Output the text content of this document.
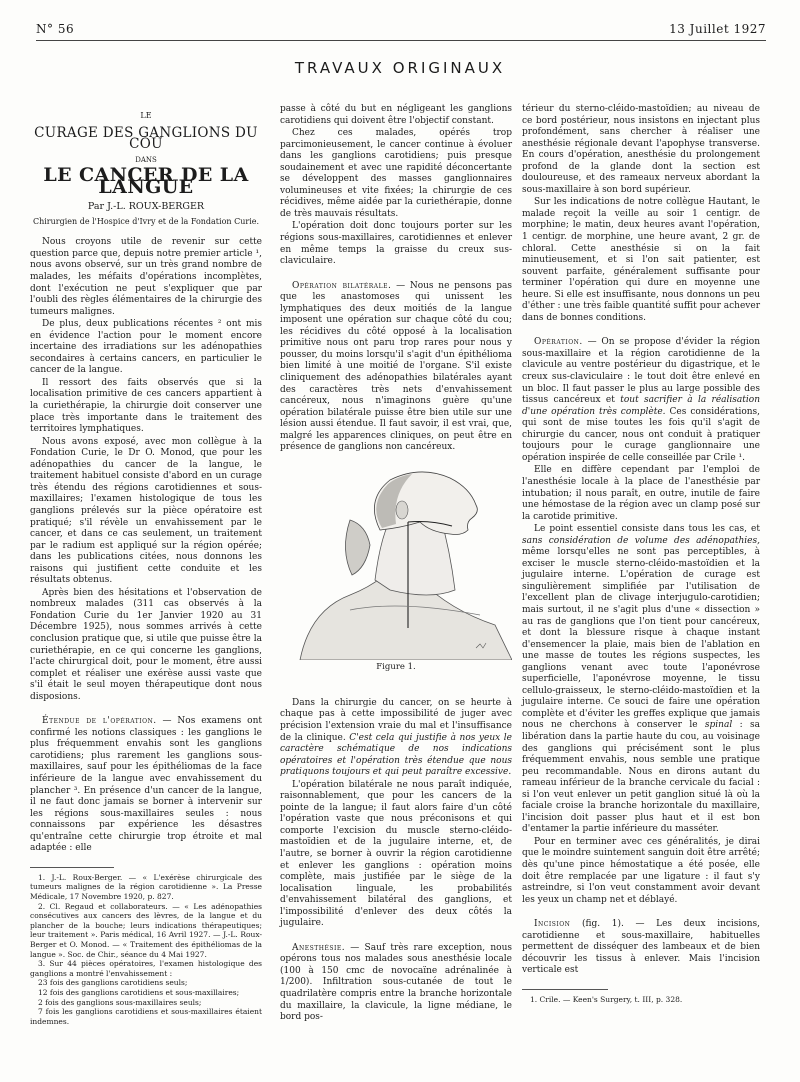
N° 56	13 Juillet 1927
TRAVAUX ORIGINAUX
LE
CURAGE DES GANGLIONS DU COU
DANS
LE CANCER DE LA LANGUE
Par J.-L. ROUX-BERGER
Chirurgien de l'Hospice d'Ivry et de la Fondation Curie.

Nous croyons utile de revenir sur cette question parce que, depuis notre premier article ¹, nous avons observé, sur un très grand nombre de malades, les méfaits d'opérations incomplètes, dont l'exécution ne peut s'expliquer que par l'oubli des règles élémentaires de la chirurgie des tumeurs malignes.

De plus, deux publications récentes ² ont mis en évidence l'action pour le moment encore incertaine des irradiations sur les adénopathies secondaires à certains cancers, en particulier le cancer de la langue.

Il ressort des faits observés que si la localisation primitive de ces cancers appartient à la curiethérapie, la chirurgie doit conserver une place très importante dans le traitement des territoires lymphatiques.

Nous avons exposé, avec mon collègue à la Fondation Curie, le Dr O. Monod, que pour les adénopathies du cancer de la langue, le traitement habituel consiste d'abord en un curage très étendu des régions carotidiennes et sous-maxillaires; l'examen histologique de tous les ganglions prélevés sur la pièce opératoire est pratiqué; s'il révèle un envahissement par le cancer, et dans ce cas seulement, un traitement par le radium est appliqué sur la région opérée; dans les publications citées, nous donnons les raisons qui justifient cette conduite et les résultats obtenus.

Après bien des hésitations et l'observation de nombreux malades (311 cas observés à la Fondation Curie du 1er Janvier 1920 au 31 Décembre 1925), nous sommes arrivés à cette conclusion pratique que, si utile que puisse être la curiethérapie, en ce qui concerne les ganglions, l'acte chirurgical doit, pour le moment, être aussi complet et réaliser une exérèse aussi vaste que s'il était le seul moyen thérapeutique dont nous disposions.

Étendue de l'opération. — Nos examens ont confirmé les notions classiques : les ganglions le plus fréquemment envahis sont les ganglions carotidiens; plus rarement les ganglions sous-maxillaires, sauf pour les épithéliomas de la face inférieure de la langue avec envahissement du plancher ³. En présence d'un cancer de la langue, il ne faut donc jamais se borner à intervenir sur les régions sous-maxillaires seules : nous connaissons par expérience les désastres qu'entraîne cette chirurgie trop étroite et mal adaptée : elle

1. J.-L. Roux-Berger. — « L'exérèse chirurgicale des tumeurs malignes de la région carotidienne ». La Presse Médicale, 17 Novembre 1920, p. 827.

2. Cl. Regaud et collaborateurs. — « Les adénopathies consécutives aux cancers des lèvres, de la langue et du plancher de la bouche; leurs indications thérapeutiques; leur traitement ». Paris médical, 16 Avril 1927. — J.-L. Roux-Berger et O. Monod. — « Traitement des épithéliomas de la langue ». Soc. de Chir., séance du 4 Mai 1927.

3. Sur 44 pièces opératoires, l'examen histologique des ganglions a montré l'envahissement :

23 fois des ganglions carotidiens seuls;

12 fois des ganglions carotidiens et sous-maxillaires;

2 fois des ganglions sous-maxillaires seuls;

7 fois les ganglions carotidiens et sous-maxillaires étaient indemnes.

passe à côté du but en négligeant les ganglions carotidiens qui doivent être l'objectif constant.

Chez ces malades, opérés trop parcimonieusement, le cancer continue à évoluer dans les ganglions carotidiens; puis presque soudainement et avec une rapidité déconcertante se développent des masses ganglionnaires volumineuses et vite fixées; la chirurgie de ces récidives, même aidée par la curiethérapie, donne de très mauvais résultats.

L'opération doit donc toujours porter sur les régions sous-maxillaires, carotidiennes et enlever en même temps la graisse du creux sus-claviculaire.

Opération bilatérale. — Nous ne pensons pas que les anastomoses qui unissent les lymphatiques des deux moitiés de la langue imposent une opération sur chaque côté du cou; les récidives du côté opposé à la localisation primitive nous ont paru trop rares pour nous y pousser, du moins lorsqu'il s'agit d'un épithélioma bien limité à une moitié de l'organe. S'il existe cliniquement des adénopathies bilatérales ayant des caractères très nets d'envahissement cancéreux, nous n'imaginons guère qu'une opération bilatérale puisse être bien utile sur une lésion aussi étendue. Il faut savoir, il est vrai, que, malgré les apparences cliniques, on peut être en présence de ganglions non cancéreux.

Figure 1.

Dans la chirurgie du cancer, on se heurte à chaque pas à cette impossibilité de juger avec précision l'extension vraie du mal et l'insuffisance de la clinique. C'est cela qui justifie à nos yeux le caractère schématique de nos indications opératoires et l'opération très étendue que nous pratiquons toujours et qui peut paraître excessive.

L'opération bilatérale ne nous paraît indiquée, raisonnablement, que pour les cancers de la pointe de la langue; il faut alors faire d'un côté l'opération vaste que nous préconisons et qui comporte l'excision du muscle sterno-cléido-mastoïdien et de la jugulaire interne, et, de l'autre, se borner à ouvrir la région carotidienne et enlever les ganglions : opération moins complète, mais justifiée par le siège de la localisation linguale, les probabilités d'envahissement bilatéral des ganglions, et l'impossibilité d'enlever des deux côtés la jugulaire.

Anesthésie. — Sauf très rare exception, nous opérons tous nos malades sous anesthésie locale (100 à 150 cmc de novocaïne adrénalinée à 1/200). Infiltration sous-cutanée de tout le quadrilatère compris entre la branche horizontale du maxillaire, la clavicule, la ligne médiane, le bord pos-

térieur du sterno-cléido-mastoïdien; au niveau de ce bord postérieur, nous insistons en injectant plus profondément, sans chercher à réaliser une anesthésie régionale devant l'apophyse transverse. En cours d'opération, anesthésie du prolongement profond de la glande dont la section est douloureuse, et des rameaux nerveux abordant la sous-maxillaire à son bord supérieur.

Sur les indications de notre collègue Hautant, le malade reçoit la veille au soir 1 centigr. de morphine; le matin, deux heures avant l'opération, 1 centigr. de morphine, une heure avant, 2 gr. de chloral. Cette anesthésie si on la fait minutieusement, et si l'on sait patienter, est souvent parfaite, généralement suffisante pour terminer l'opération qui dure en moyenne une heure. Si elle est insuffisante, nous donnons un peu d'éther : une très faible quantité suffit pour achever dans de bonnes conditions.

Opération. — On se propose d'évider la région sous-maxillaire et la région carotidienne de la clavicule au ventre postérieur du digastrique, et le creux sus-claviculaire : le tout doit être enlevé en un bloc. Il faut passer le plus au large possible des tissus cancéreux et tout sacrifier à la réalisation d'une opération très complète. Ces considérations, qui sont de mise toutes les fois qu'il s'agit de chirurgie du cancer, nous ont conduit à pratiquer toujours pour le curage ganglionnaire une opération inspirée de celle conseillée par Crile ¹.

Elle en diffère cependant par l'emploi de l'anesthésie locale à la place de l'anesthésie par intubation; il nous paraît, en outre, inutile de faire une hémostase de la région avec un clamp posé sur la carotide primitive.

Le point essentiel consiste dans tous les cas, et sans considération de volume des adénopathies, même lorsqu'elles ne sont pas perceptibles, à exciser le muscle sterno-cléido-mastoïdien et la jugulaire interne. L'opération de curage est singulièrement simplifiée par l'utilisation de l'excellent plan de clivage interjugulo-carotidien; mais surtout, il ne s'agit plus d'une « dissection » au ras de ganglions que l'on tient pour cancéreux, et dont la blessure risque à chaque instant d'ensemencer la plaie, mais bien de l'ablation en une masse de toutes les régions suspectes, les ganglions venant avec toute l'aponévrose superficielle, l'aponévrose moyenne, le tissu cellulo-graisseux, le sterno-cléido-mastoïdien et la jugulaire interne. Ce souci de faire une opération complète et d'éviter les greffes explique que jamais nous ne cherchons à conserver le spinal : sa libération dans la partie haute du cou, au voisinage des ganglions qui précisément sont le plus fréquemment envahis, nous semble une pratique peu recommandable. Nous en dirons autant du rameau inférieur de la branche cervicale du facial : si l'on veut enlever un petit ganglion situé là où la faciale croise la branche horizontale du maxillaire, l'incision doit passer plus haut et il est bon d'entamer la partie inférieure du masséter.

Pour en terminer avec ces généralités, je dirai que le moindre suintement sanguin doit être arrêté; dès qu'une pince hémostatique a été posée, elle doit être remplacée par une ligature : il faut s'y astreindre, si l'on veut constamment avoir devant les yeux un champ net et déblayé.

Incision (fig. 1). — Les deux incisions, carotidienne et sous-maxillaire, habituelles permettent de disséquer des lambeaux et de bien découvrir les tissus à enlever. Mais l'incision verticale est

1. Crile. — Keen's Surgery, t. III, p. 328.
